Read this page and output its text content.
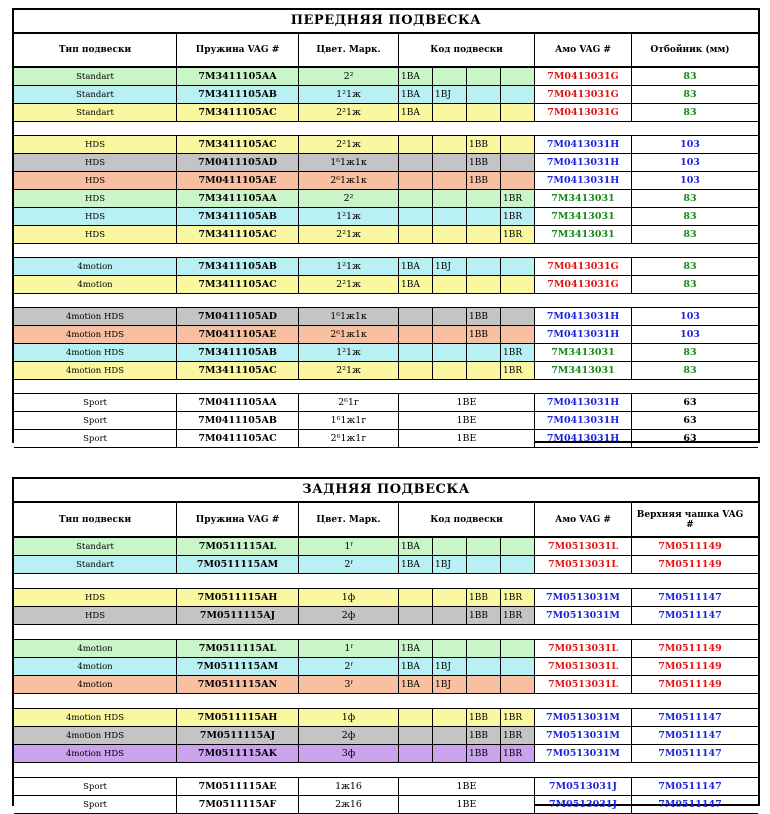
ПЕРЕДНЯЯ ПОДВЕСКА
Тип подвески	Пружина VAG #	Цвет. Марк.	Код подвески	Амо VAG #	Отбойник (мм)
Standart	7M3411105AA	2²	1BA	7M0413031G	83
Standart	7M3411105AB	1²1ж	1BA	1BJ	7M0413031G	83
Standart	7M3411105AC	2²1ж	1BA	7M0413031G	83
HDS	7M3411105AC	2²1ж	1BB	7M0413031H	103
HDS	7M0411105AD	1⁶1ж1к	1BB	7M0413031H	103
HDS	7M0411105AE	2⁶1ж1к	1BB	7M0413031H	103
HDS	7M3411105AA	2²	1BR	7M3413031	83
HDS	7M3411105AB	1²1ж	1BR	7M3413031	83
HDS	7M3411105AC	2²1ж	1BR	7M3413031	83
4motion	7M3411105AB	1²1ж	1BA	1BJ	7M0413031G	83
4motion	7M3411105AC	2²1ж	1BA	7M0413031G	83
4motion HDS	7M0411105AD	1⁶1ж1к	1BB	7M0413031H	103
4motion HDS	7M0411105AE	2⁶1ж1к	1BB	7M0413031H	103
4motion HDS	7M3411105AB	1²1ж	1BR	7M3413031	83
4motion HDS	7M3411105AC	2²1ж	1BR	7M3413031	83
Sport	7M0411105AA	2⁶1г	1BE	7M0413031H	63
Sport	7M0411105AB	1⁶1ж1г	1BE	7M0413031H	63
Sport	7M0411105AC	2⁶1ж1г	1BE	7M0413031H	63
ЗАДНЯЯ ПОДВЕСКА
Тип подвески	Пружина VAG #	Цвет. Марк.	Код подвески	Амо VAG #	Верхняя чашка VAG #
Standart	7M0511115AL	1ᶠ	1BA	7M0513031L	7M0511149
Standart	7M0511115AM	2ᶠ	1BA	1BJ	7M0513031L	7M0511149
HDS	7M0511115AH	1ф	1BB	1BR	7M0513031M	7M0511147
HDS	7M0511115AJ	2ф	1BB	1BR	7M0513031M	7M0511147
4motion	7M0511115AL	1ᶠ	1BA	7M0513031L	7M0511149
4motion	7M0511115AM	2ᶠ	1BA	1BJ	7M0513031L	7M0511149
4motion	7M0511115AN	3ᶠ	1BA	1BJ	7M0513031L	7M0511149
4motion HDS	7M0511115AH	1ф	1BB	1BR	7M0513031M	7M0511147
4motion HDS	7M0511115AJ	2ф	1BB	1BR	7M0513031M	7M0511147
4motion HDS	7M0511115AK	3ф	1BB	1BR	7M0513031M	7M0511147
Sport	7M0511115AE	1ж16	1BE	7M0513031J	7M0511147
Sport	7M0511115AF	2ж16	1BE	7M0513031J	7M0511147
